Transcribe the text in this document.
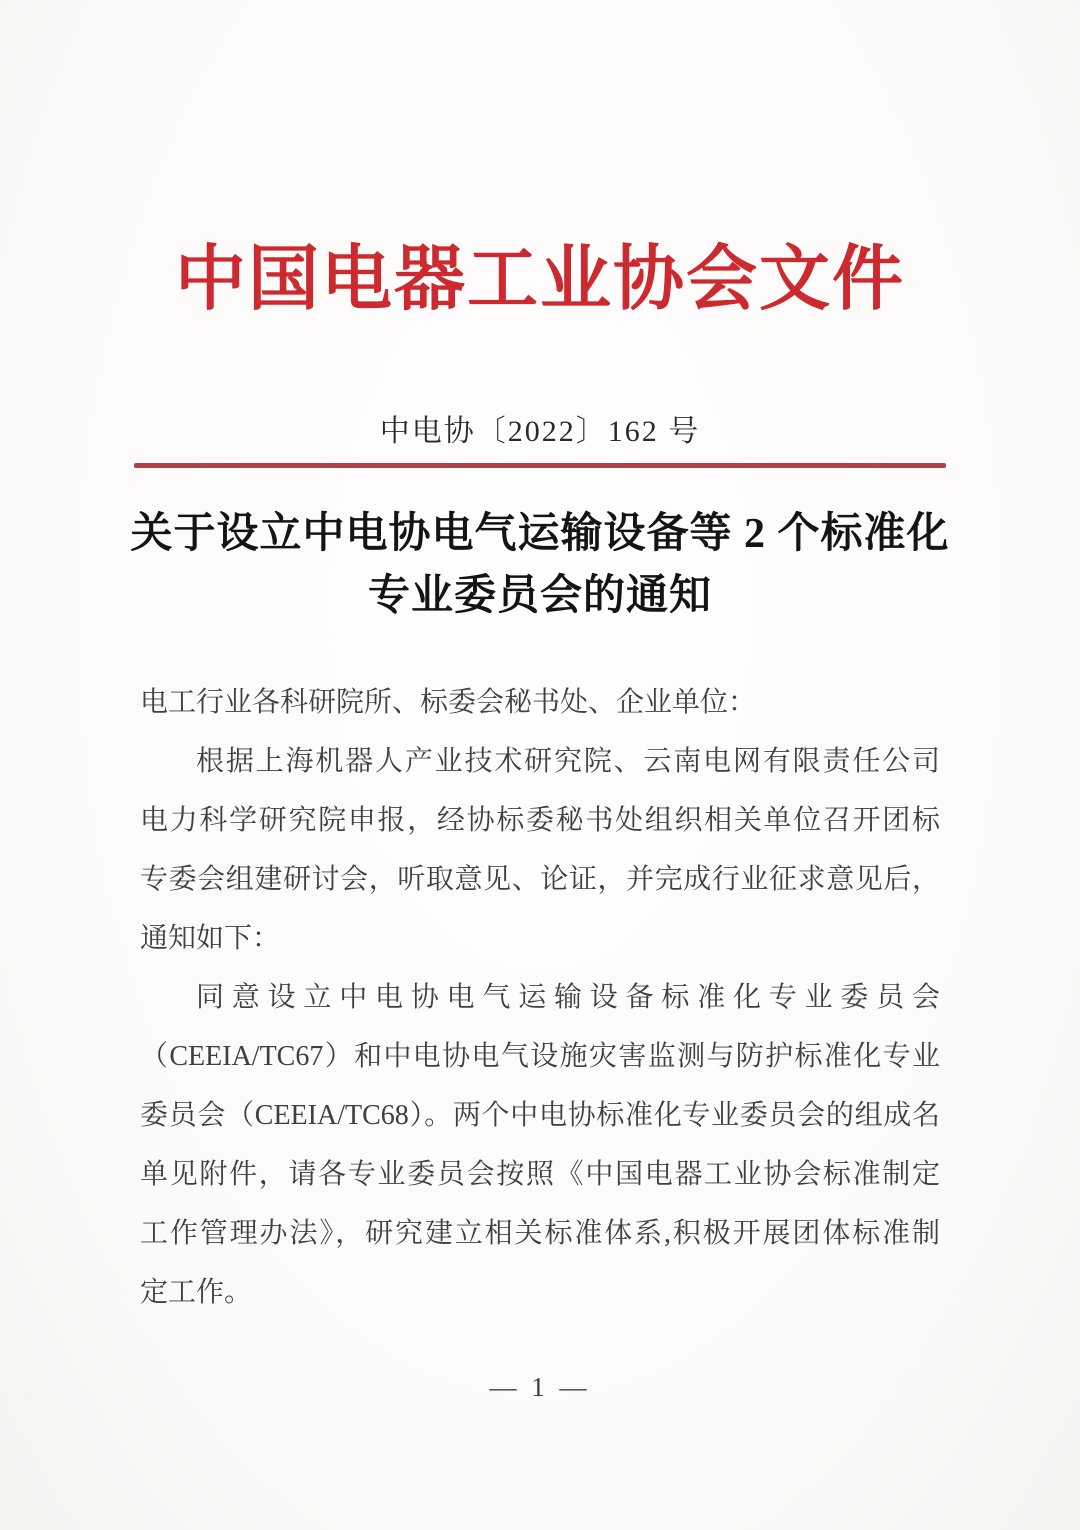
中国电器工业协会文件
中电协〔2022〕162 号
关于设立中电协电气运输设备等 2 个标准化
专业委员会的通知
电工行业各科研院所、标委会秘书处、企业单位：
根据上海机器人产业技术研究院、云南电网有限责任公司
电力科学研究院申报，经协标委秘书处组织相关单位召开团标
专委会组建研讨会，听取意见、论证，并完成行业征求意见后，
通知如下：
同意设立中电协电气运输设备标准化专业委员会
（CEEIA/TC67）和中电协电气设施灾害监测与防护标准化专业
委员会（CEEIA/TC68）。两个中电协标准化专业委员会的组成名
单见附件，请各专业委员会按照《中国电器工业协会标准制定
工作管理办法》，研究建立相关标准体系,积极开展团体标准制
定工作。
— 1 —
